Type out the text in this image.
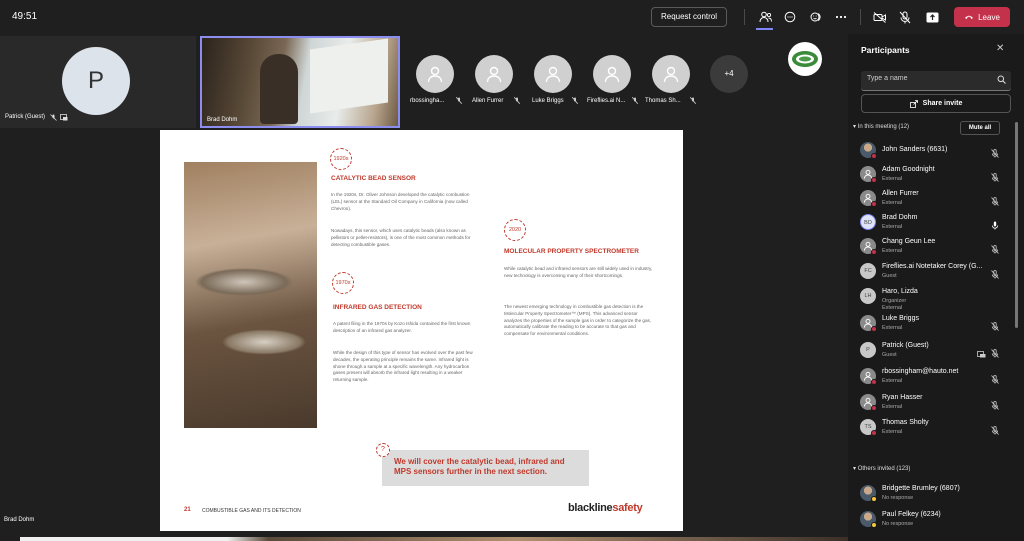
49:51	Request control	Leave
P
Patrick (Guest)	Brad Dohm
rbossingha...	Allen Furrer	Luke Briggs	Fireflies.ai N...	Thomas Sh...
+4
Brad Dohm
1920s
CATALYTIC BEAD SENSOR
In the 1920s, Dr. Oliver Johnson developed the catalytic combustion (LEL) sensor at the Standard Oil Company in California (now called Chevron).
Nowadays, this sensor, which uses catalytic beads (also known as pellistors or pellet-resistors), is one of the most common methods for detecting combustible gases.
1970s
INFRARED GAS DETECTION
A patent filing in the 1970s by Kozo Ishida contained the first known description of an infrared gas analyzer.
While the design of this type of sensor has evolved over the past few decades, the operating principle remains the same. Infrared light is shone through a sample at a specific wavelength. Any hydrocarbon gases present will absorb the infrared light resulting in a weaker returning sample.
2020
MOLECULAR PROPERTY SPECTROMETER
While catalytic bead and infrared sensors are still widely used in industry, new technology is overcoming many of their shortcomings.
The newest emerging technology in combustible gas detection is the Molecular Property Spectrometer™ (MPS). This advanced sensor analyzes the properties of the sample gas in order to categorize the gas, automatically calibrate the reading to be accurate to that gas and compensate for environmental conditions.
We will cover the catalytic bead, infrared and MPS sensors further in the next section.
?
21 COMBUSTIBLE GAS AND ITS DETECTION	blacklinesafety
Participants	✕
Type a name
Share invite
▾ In this meeting (12)	Mute all
John Sanders (6631)
Adam Goodnight
External
Allen Furrer
External
BD
Brad Dohm
External
Chang Geun Lee
External
FC
Fireflies.ai Notetaker Corey (G...
Guest
LH
Haro, Lizda
Organizer
External
Luke Briggs
External
P
Patrick (Guest)
Guest
rbossingham@hauto.net
External
Ryan Hasser
External
TS
Thomas Sholty
External
▾ Others invited (123)
Bridgette Brumley (6807)
No response
Paul Felkey (6234)
No response
